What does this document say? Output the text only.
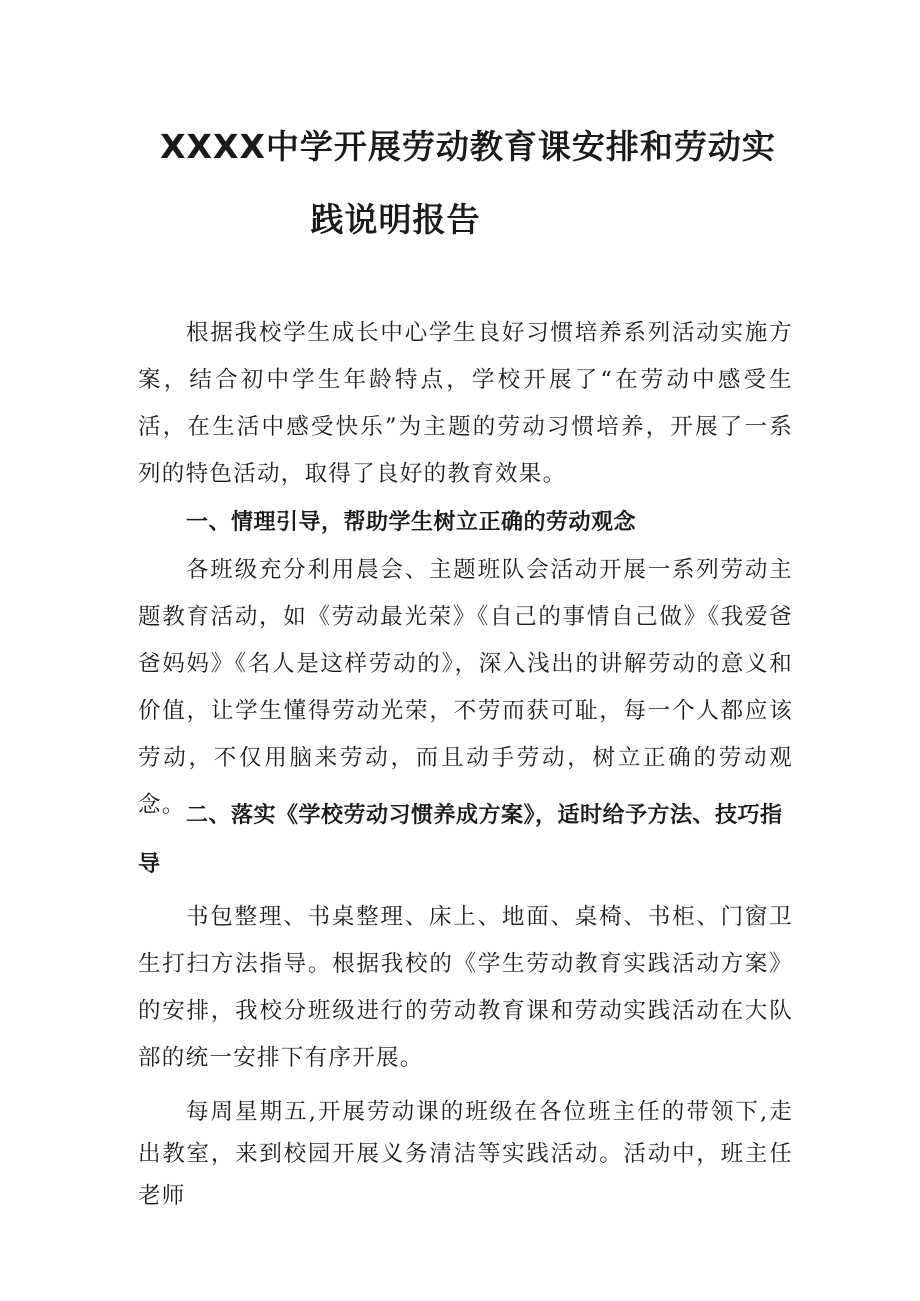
XXXX中学开展劳动教育课安排和劳动实
践说明报告

根据我校学生成长中心学生良好习惯培养系列活动实施方案，结合初中学生年龄特点，学校开展了“在劳动中感受生活，在生活中感受快乐”为主题的劳动习惯培养，开展了一系列的特色活动，取得了良好的教育效果。

一、情理引导，帮助学生树立正确的劳动观念

各班级充分利用晨会、主题班队会活动开展一系列劳动主题教育活动，如《劳动最光荣》《自己的事情自己做》《我爱爸爸妈妈》《名人是这样劳动的》，深入浅出的讲解劳动的意义和价值，让学生懂得劳动光荣，不劳而获可耻，每一个人都应该劳动，不仅用脑来劳动，而且动手劳动，树立正确的劳动观念。 二、落实《学校劳动习惯养成方案》，适时给予方法、技巧指导

书包整理、书桌整理、床上、地面、桌椅、书柜、门窗卫生打扫方法指导。根据我校的《学生劳动教育实践活动方案》的安排，我校分班级进行的劳动教育课和劳动实践活动在大队部的统一安排下有序开展。

每周星期五,开展劳动课的班级在各位班主任的带领下,走出教室，来到校园开展义务清洁等实践活动。活动中，班主任老师
